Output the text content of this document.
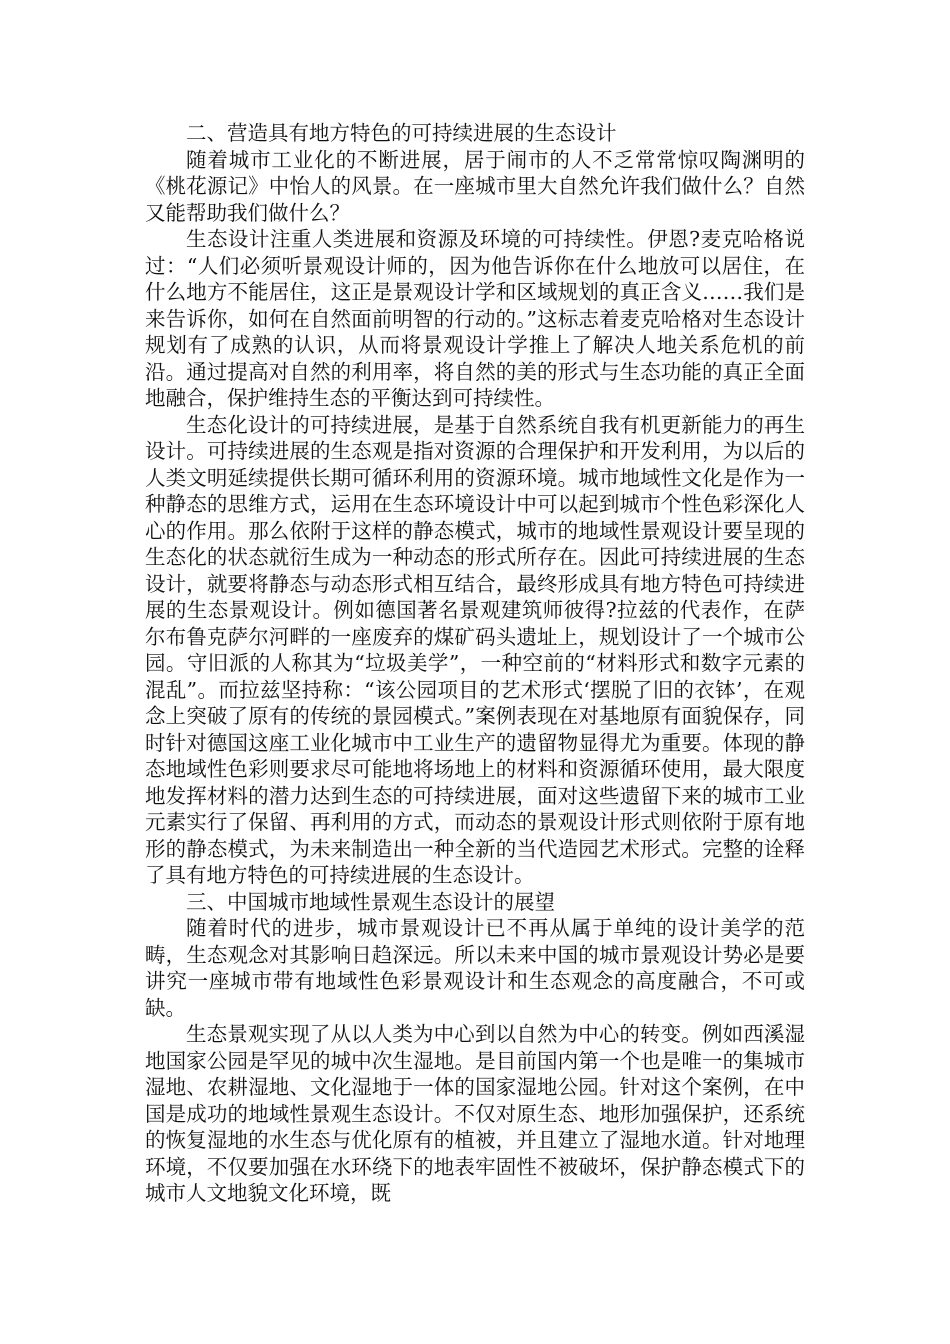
二、营造具有地方特色的可持续进展的生态设计

随着城市工业化的不断进展，居于闹市的人不乏常常惊叹陶渊明的《桃花源记》中怡人的风景。在一座城市里大自然允许我们做什么？自然又能帮助我们做什么？

生态设计注重人类进展和资源及环境的可持续性。伊恩?麦克哈格说过：“人们必须听景观设计师的，因为他告诉你在什么地放可以居住，在什么地方不能居住，这正是景观设计学和区域规划的真正含义……我们是来告诉你，如何在自然面前明智的行动的。”这标志着麦克哈格对生态设计规划有了成熟的认识，从而将景观设计学推上了解决人地关系危机的前沿。通过提高对自然的利用率，将自然的美的形式与生态功能的真正全面地融合，保护维持生态的平衡达到可持续性。

生态化设计的可持续进展，是基于自然系统自我有机更新能力的再生设计。可持续进展的生态观是指对资源的合理保护和开发利用，为以后的人类文明延续提供长期可循环利用的资源环境。城市地域性文化是作为一种静态的思维方式，运用在生态环境设计中可以起到城市个性色彩深化人心的作用。那么依附于这样的静态模式，城市的地域性景观设计要呈现的生态化的状态就衍生成为一种动态的形式所存在。因此可持续进展的生态设计，就要将静态与动态形式相互结合，最终形成具有地方特色可持续进展的生态景观设计。例如德国著名景观建筑师彼得?拉兹的代表作，在萨尔布鲁克萨尔河畔的一座废弃的煤矿码头遗址上，规划设计了一个城市公园。守旧派的人称其为“垃圾美学”，一种空前的“材料形式和数字元素的混乱”。而拉兹坚持称：“该公园项目的艺术形式‘摆脱了旧的衣钵’，在观念上突破了原有的传统的景园模式。”案例表现在对基地原有面貌保存，同时针对德国这座工业化城市中工业生产的遗留物显得尤为重要。体现的静态地域性色彩则要求尽可能地将场地上的材料和资源循环使用，最大限度地发挥材料的潜力达到生态的可持续进展，面对这些遗留下来的城市工业元素实行了保留、再利用的方式，而动态的景观设计形式则依附于原有地形的静态模式，为未来制造出一种全新的当代造园艺术形式。完整的诠释了具有地方特色的可持续进展的生态设计。

三、中国城市地域性景观生态设计的展望

随着时代的进步，城市景观设计已不再从属于单纯的设计美学的范畴，生态观念对其影响日趋深远。所以未来中国的城市景观设计势必是要讲究一座城市带有地域性色彩景观设计和生态观念的高度融合，不可或缺。

生态景观实现了从以人类为中心到以自然为中心的转变。例如西溪湿地国家公园是罕见的城中次生湿地。是目前国内第一个也是唯一的集城市湿地、农耕湿地、文化湿地于一体的国家湿地公园。针对这个案例，在中国是成功的地域性景观生态设计。不仅对原生态、地形加强保护，还系统的恢复湿地的水生态与优化原有的植被，并且建立了湿地水道。针对地理环境，不仅要加强在水环绕下的地表牢固性不被破坏，保护静态模式下的城市人文地貌文化环境，既
